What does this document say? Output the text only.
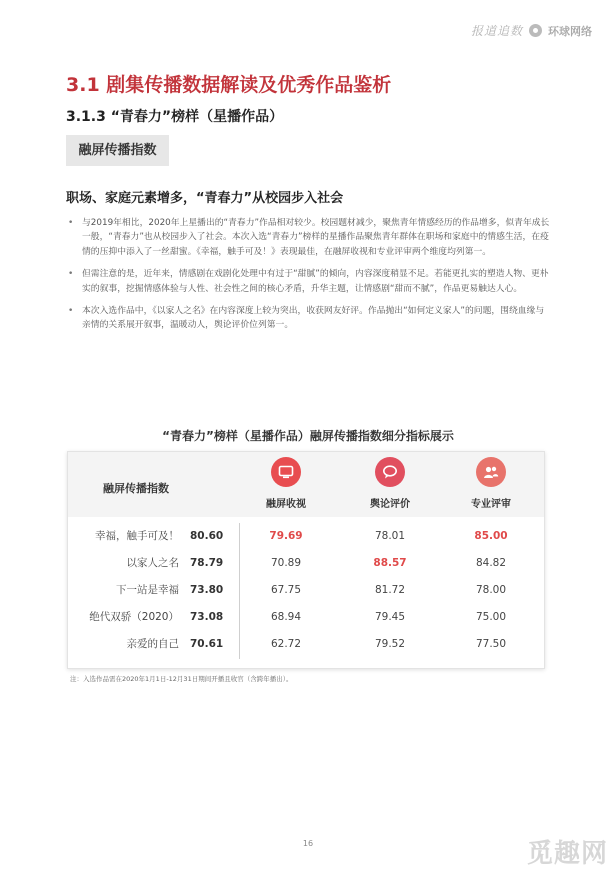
报道追数 环球网络
3.1 剧集传播数据解读及优秀作品鉴析
3.1.3 “青春力”榜样（星播作品）
融屏传播指数
职场、家庭元素增多，“青春力”从校园步入社会
• 与2019年相比，2020年上星播出的“青春力”作品相对较少。校园题材减少，聚焦青年情感经历的作品增多，似青年成长一般，“青春力”也从校园步入了社会。本次入选“青春力”榜样的星播作品聚焦青年群体在职场和家庭中的情感生活，在疫情的压抑中添入了一丝甜蜜。《幸福，触手可及！》表现最佳，在融屏收视和专业评审两个维度均列第一。
• 但需注意的是，近年来，情感剧在戏剧化处理中有过于“甜腻”的倾向，内容深度稍显不足。若能更扎实的塑造人物、更朴实的叙事，挖掘情感体验与人性、社会性之间的核心矛盾，升华主题，让情感剧“甜而不腻”，作品更易触达人心。
• 本次入选作品中，《以家人之名》在内容深度上较为突出，收获网友好评。作品抛出“如何定义家人”的问题，围绕血缘与亲情的关系展开叙事，温暖动人，舆论评价位列第一。
“青春力”榜样（星播作品）融屏传播指数细分指标展示
融屏传播指数
融屏收视	舆论评价	专业评审
幸福，触手可及！ 80.60	79.69	78.01	85.00
以家人之名 78.79	70.89	88.57	84.82
下一站是幸福 73.80	67.75	81.72	78.00
绝代双骄（2020） 73.08	68.94	79.45	75.00
亲爱的自己 70.61	62.72	79.52	77.50
注：入选作品需在2020年1月1日-12月31日期间开播且收官（含跨年播出）。
16	觅趣网
